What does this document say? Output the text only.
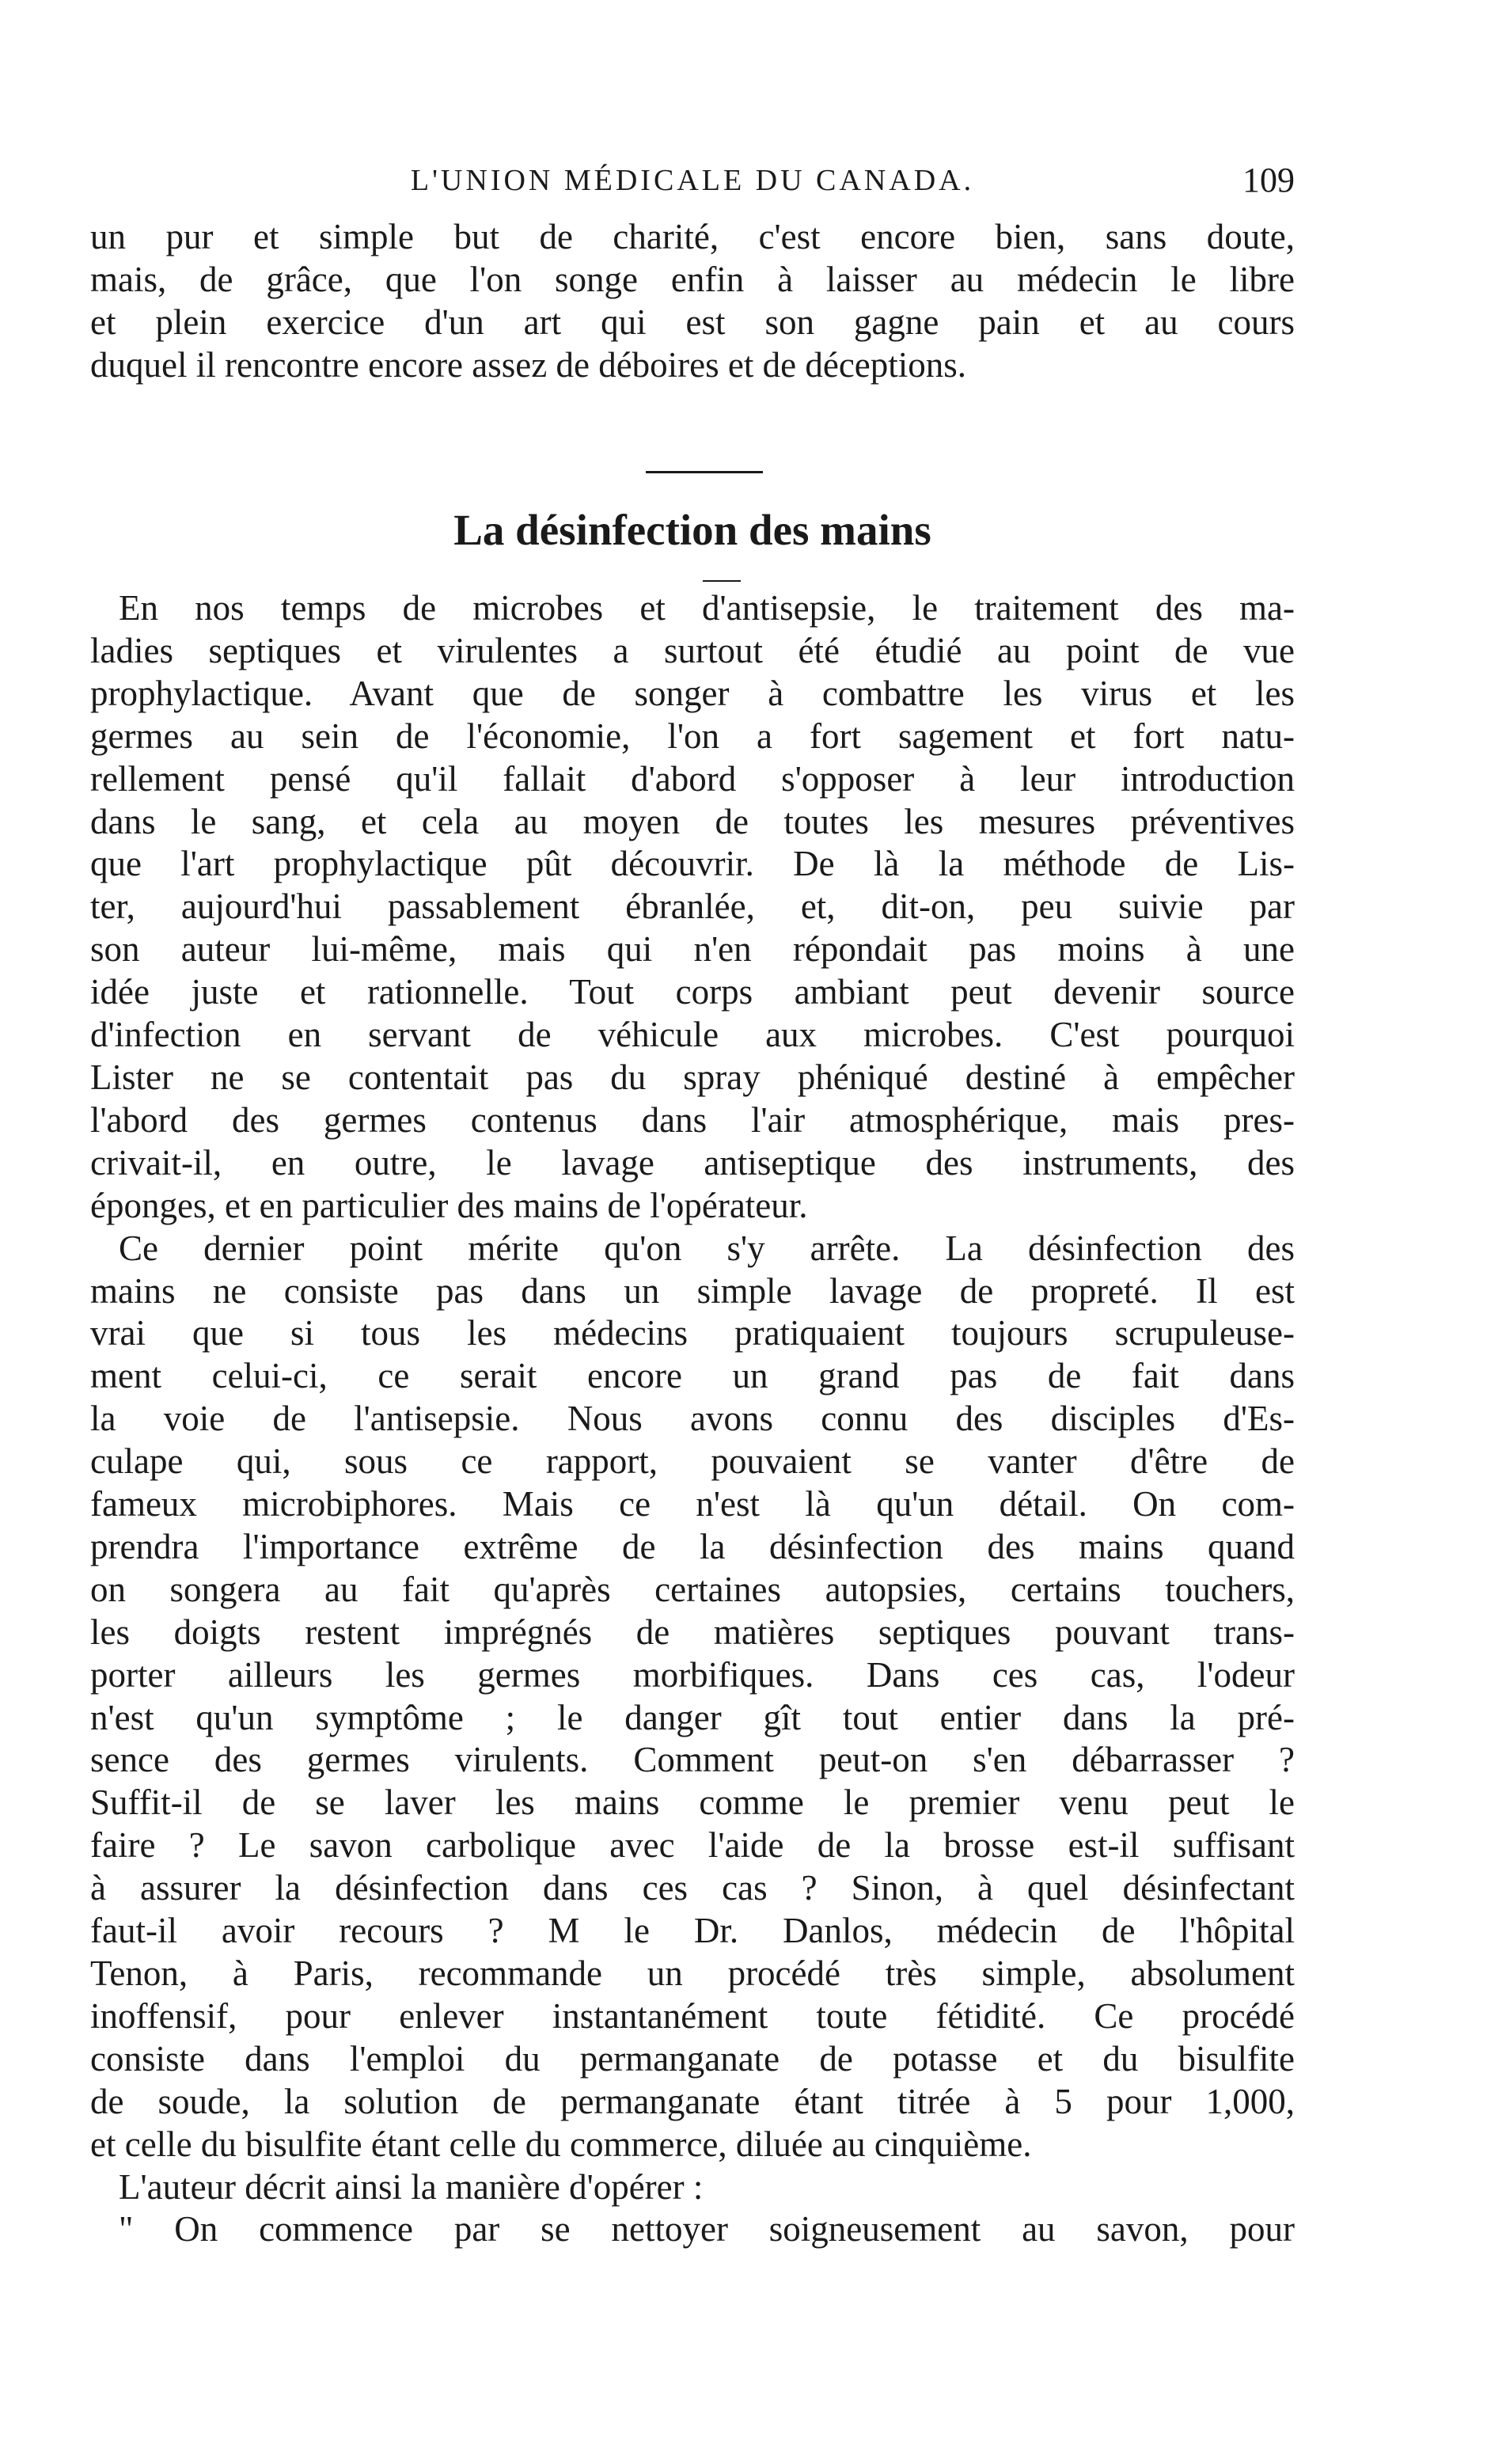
L'UNION MÉDICALE DU CANADA.	109

un pur et simple but de charité, c'est encore bien, sans doute,

mais, de grâce, que l'on songe enfin à laisser au médecin le libre

et plein exercice d'un art qui est son gagne pain et au cours

duquel il rencontre encore assez de déboires et de déceptions.

La désinfection des mains

En nos temps de microbes et d'antisepsie, le traitement des ma-

ladies septiques et virulentes a surtout été étudié au point de vue

prophylactique. Avant que de songer à combattre les virus et les

germes au sein de l'économie, l'on a fort sagement et fort natu-

rellement pensé qu'il fallait d'abord s'opposer à leur introduction

dans le sang, et cela au moyen de toutes les mesures préventives

que l'art prophylactique pût découvrir. De là la méthode de Lis-

ter, aujourd'hui passablement ébranlée, et, dit-on, peu suivie par

son auteur lui-même, mais qui n'en répondait pas moins à une

idée juste et rationnelle. Tout corps ambiant peut devenir source

d'infection en servant de véhicule aux microbes. C'est pourquoi

Lister ne se contentait pas du spray phéniqué destiné à empêcher

l'abord des germes contenus dans l'air atmosphérique, mais pres-

crivait-il, en outre, le lavage antiseptique des instruments, des

éponges, et en particulier des mains de l'opérateur.

Ce dernier point mérite qu'on s'y arrête. La désinfection des

mains ne consiste pas dans un simple lavage de propreté. Il est

vrai que si tous les médecins pratiquaient toujours scrupuleuse-

ment celui-ci, ce serait encore un grand pas de fait dans

la voie de l'antisepsie. Nous avons connu des disciples d'Es-

culape qui, sous ce rapport, pouvaient se vanter d'être de

fameux microbiphores. Mais ce n'est là qu'un détail. On com-

prendra l'importance extrême de la désinfection des mains quand

on songera au fait qu'après certaines autopsies, certains touchers,

les doigts restent imprégnés de matières septiques pouvant trans-

porter ailleurs les germes morbifiques. Dans ces cas, l'odeur

n'est qu'un symptôme ; le danger gît tout entier dans la pré-

sence des germes virulents. Comment peut-on s'en débarrasser ?

Suffit-il de se laver les mains comme le premier venu peut le

faire ? Le savon carbolique avec l'aide de la brosse est-il suffisant

à assurer la désinfection dans ces cas ? Sinon, à quel désinfectant

faut-il avoir recours ? M le Dr. Danlos, médecin de l'hôpital

Tenon, à Paris, recommande un procédé très simple, absolument

inoffensif, pour enlever instantanément toute fétidité. Ce procédé

consiste dans l'emploi du permanganate de potasse et du bisulfite

de soude, la solution de permanganate étant titrée à 5 pour 1,000,

et celle du bisulfite étant celle du commerce, diluée au cinquième.

L'auteur décrit ainsi la manière d'opérer :

" On commence par se nettoyer soigneusement au savon, pour
